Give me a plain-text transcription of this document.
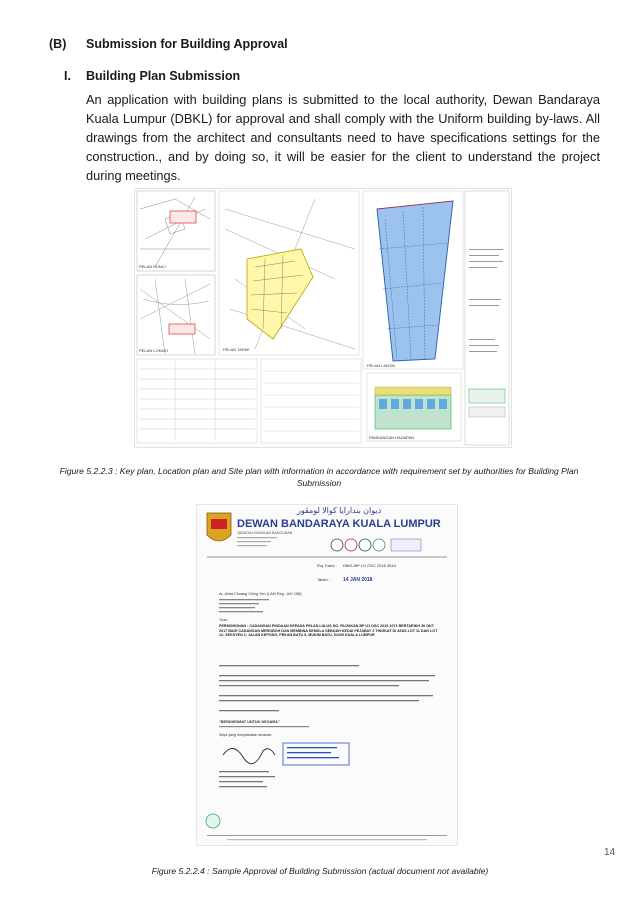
(B) Submission for Building Approval
I. Building Plan Submission
An application with building plans is submitted to the local authority, Dewan Bandaraya Kuala Lumpur (DBKL) for approval and shall comply with the Uniform building by-laws. All drawings from the architect and consultants need to have specifications settings for the construction., and by doing so, it will be easier for the client to understand the project during meetings.
PELAN KUNCI
PELAN LOKASI	PELAN TAPAK
PELAN LANTAI
PANDANGAN HADAPAN
Figure 5.2.2.3 : Key plan, Location plan and Site plan with information in accordance with requirement set by authorities for Building Plan Submission
ديوان بندارايا كوالا لومڤور
DEWAN BANDARAYA KUALA LUMPUR
JABATAN KAWALAN BANGUNAN
Ruj. Kami : DBKL/BP U1 OSC 2016 3544
Tarikh :	14 JAN 2018
Ar. Alina Chuang Ching Yen (LAM Reg : A/K 158)
Tuan,
PERMOHONAN : CADANGAN PINDAAN KEPADA PELAN LULUS NO. RUJUKAN BP U1 OSC 2016 1071 BERTARIKH 30 OKT 2017 BAGI CADANGAN MEROBOH DAN MEMBINA SEMULA SEBUAH KEDAI PEJABAT 2 TINGKAT DI ATAS LOT 11 DAN LOT 12, SEKSYEN 2, JALAN KEPONG, PEKAN BATU 5, MUKIM BATU, 51200 KUALA LUMPUR
"BERKHIDMAT UNTUK NEGARA"
Saya yang menjalankan amanah,
Figure 5.2.2.4 : Sample Approval of Building Submission (actual document not available)
14
